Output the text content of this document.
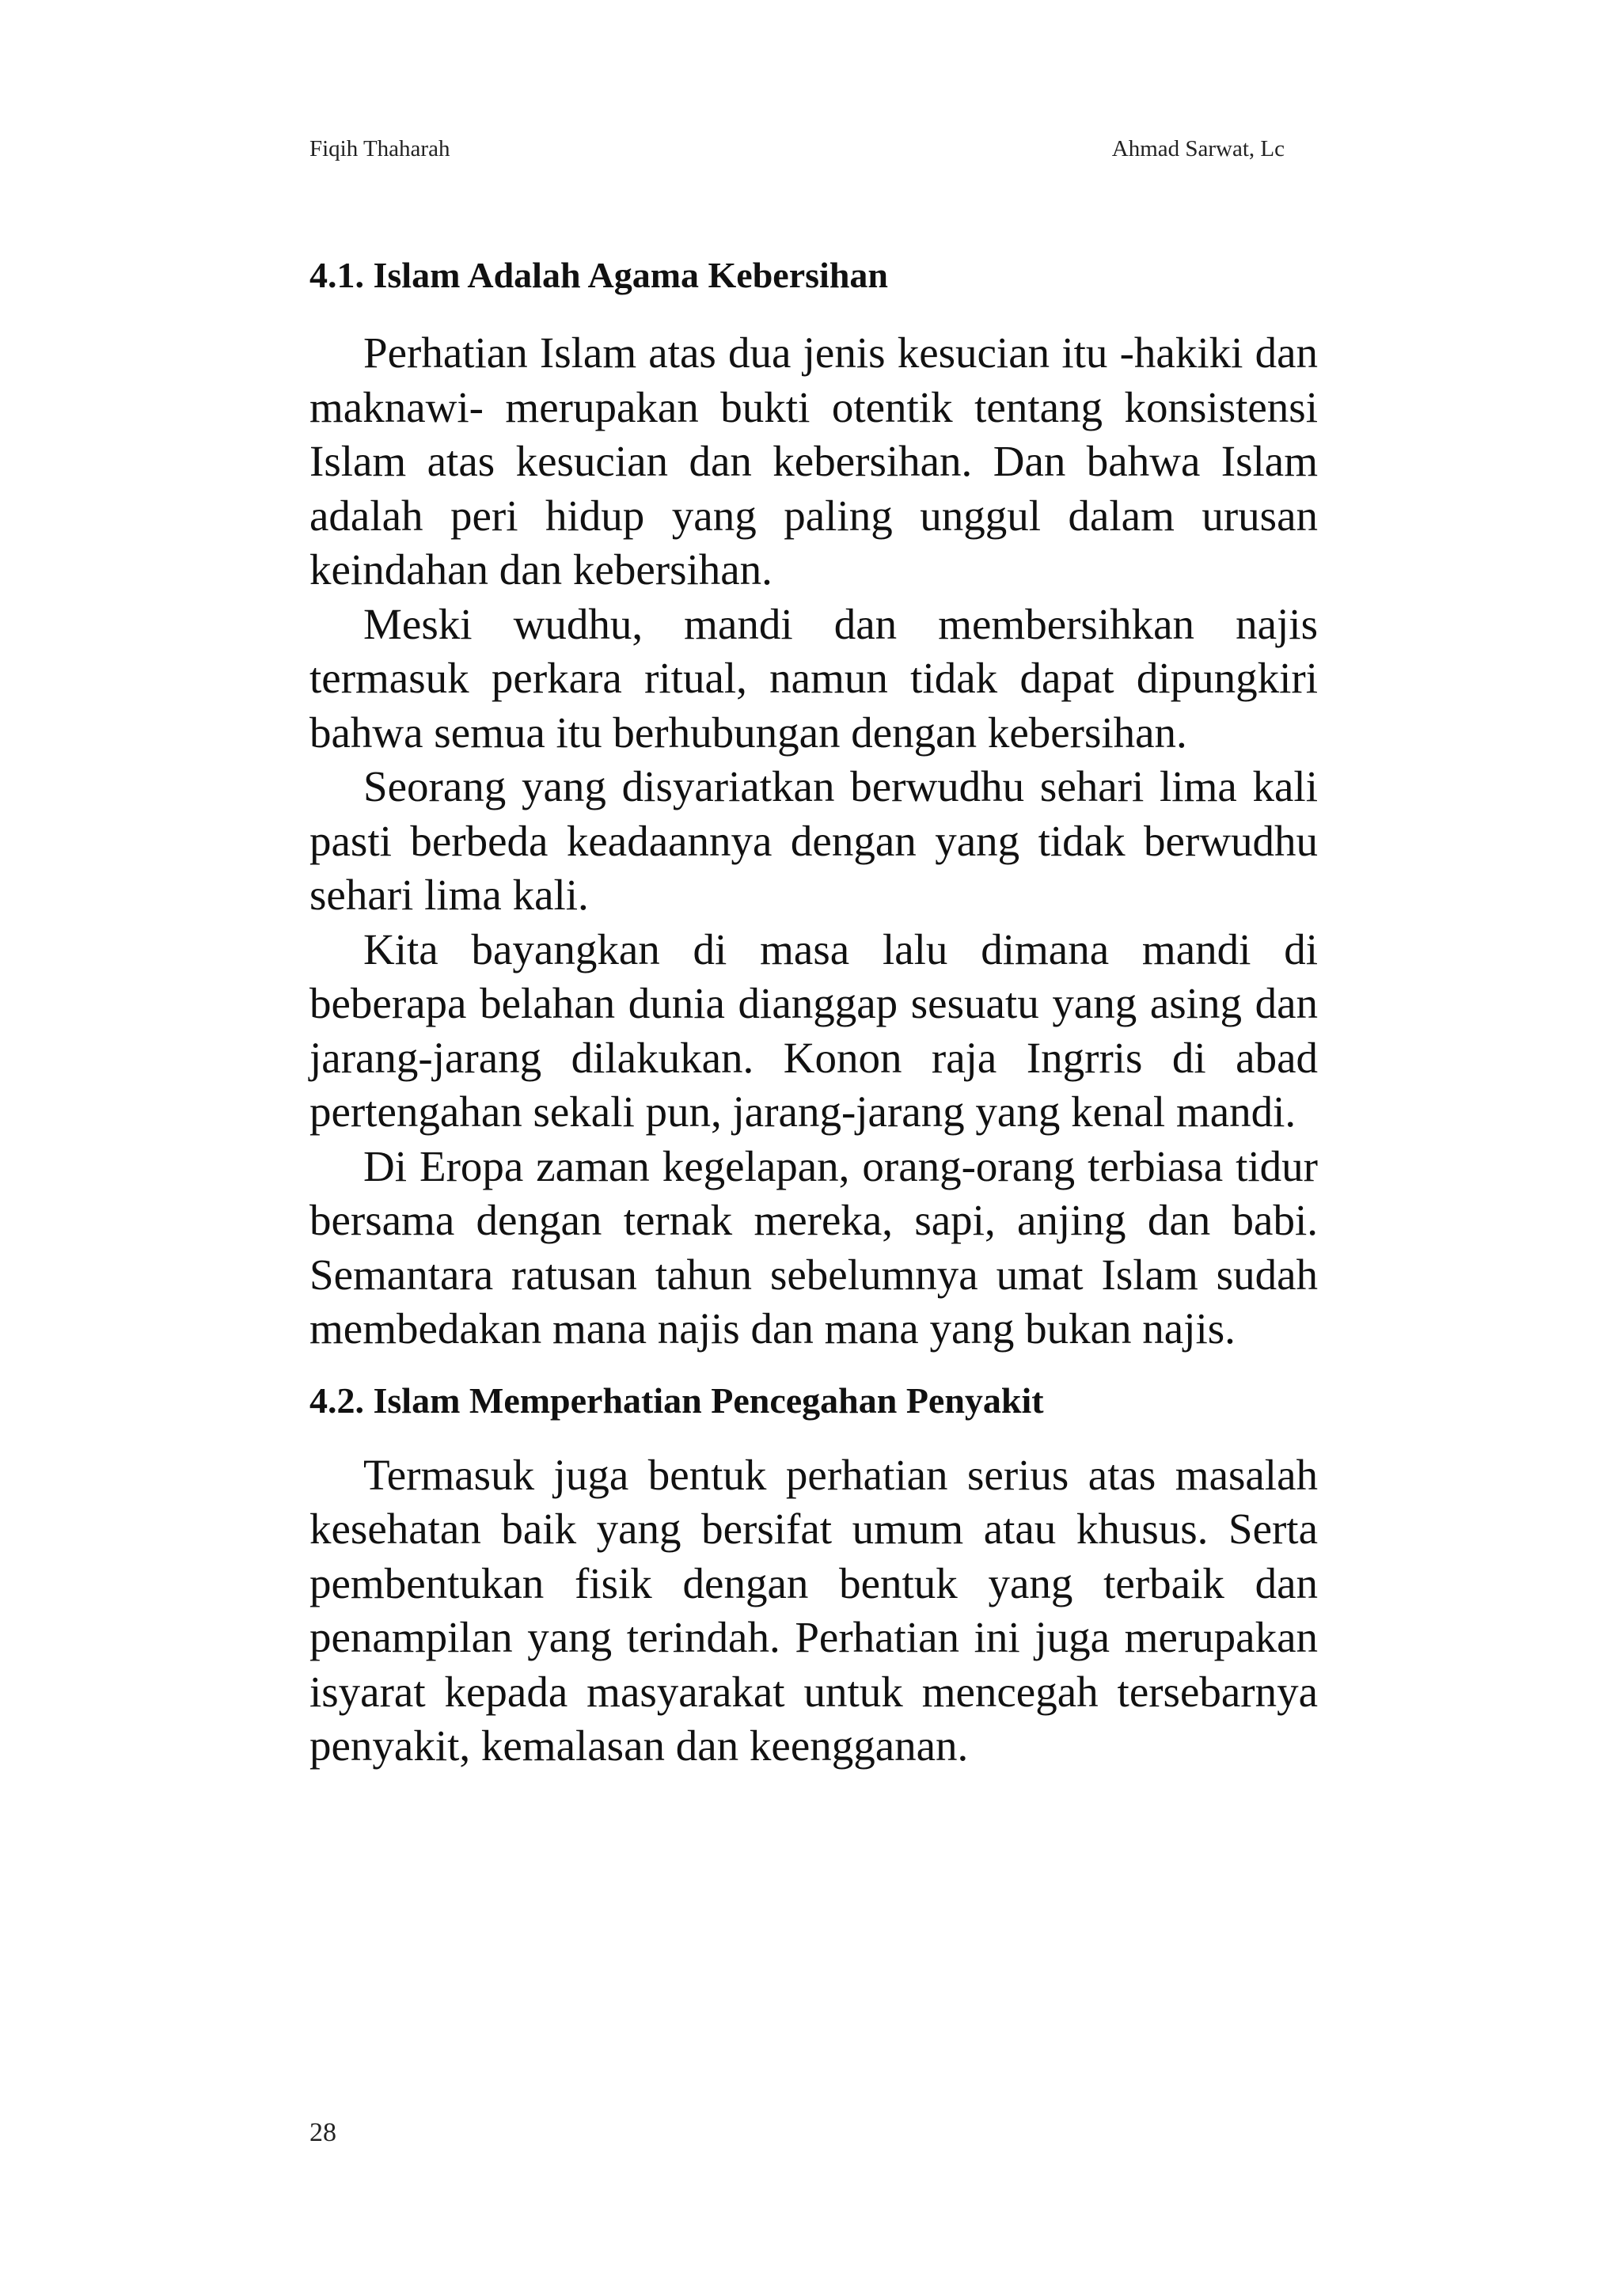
Fiqih Thaharah	Ahmad Sarwat, Lc
4.1. Islam Adalah Agama Kebersihan

Perhatian Islam atas dua jenis kesucian itu -hakiki dan maknawi- merupakan bukti otentik tentang konsistensi Islam atas kesucian dan kebersihan. Dan bahwa Islam adalah peri hidup yang paling unggul dalam urusan keindahan dan kebersihan.

Meski wudhu, mandi dan membersihkan najis termasuk perkara ritual, namun tidak dapat dipungkiri bahwa semua itu berhubungan dengan kebersihan.

Seorang yang disyariatkan berwudhu sehari lima kali pasti berbeda keadaannya dengan yang tidak berwudhu sehari lima kali.

Kita bayangkan di masa lalu dimana mandi di beberapa belahan dunia dianggap sesuatu yang asing dan jarang-jarang dilakukan. Konon raja Ingrris di abad pertengahan sekali pun, jarang-jarang yang kenal mandi.

Di Eropa zaman kegelapan, orang-orang terbiasa tidur bersama dengan ternak mereka, sapi, anjing dan babi. Semantara ratusan tahun sebelumnya umat Islam sudah membedakan mana najis dan mana yang bukan najis.

4.2. Islam Memperhatian Pencegahan Penyakit

Termasuk juga bentuk perhatian serius atas masalah kesehatan baik yang bersifat umum atau khusus. Serta pembentukan fisik dengan bentuk yang terbaik dan penampilan yang terindah. Perhatian ini juga merupakan isyarat kepada masyarakat untuk mencegah tersebarnya penyakit, kemalasan dan keengganan.

28
